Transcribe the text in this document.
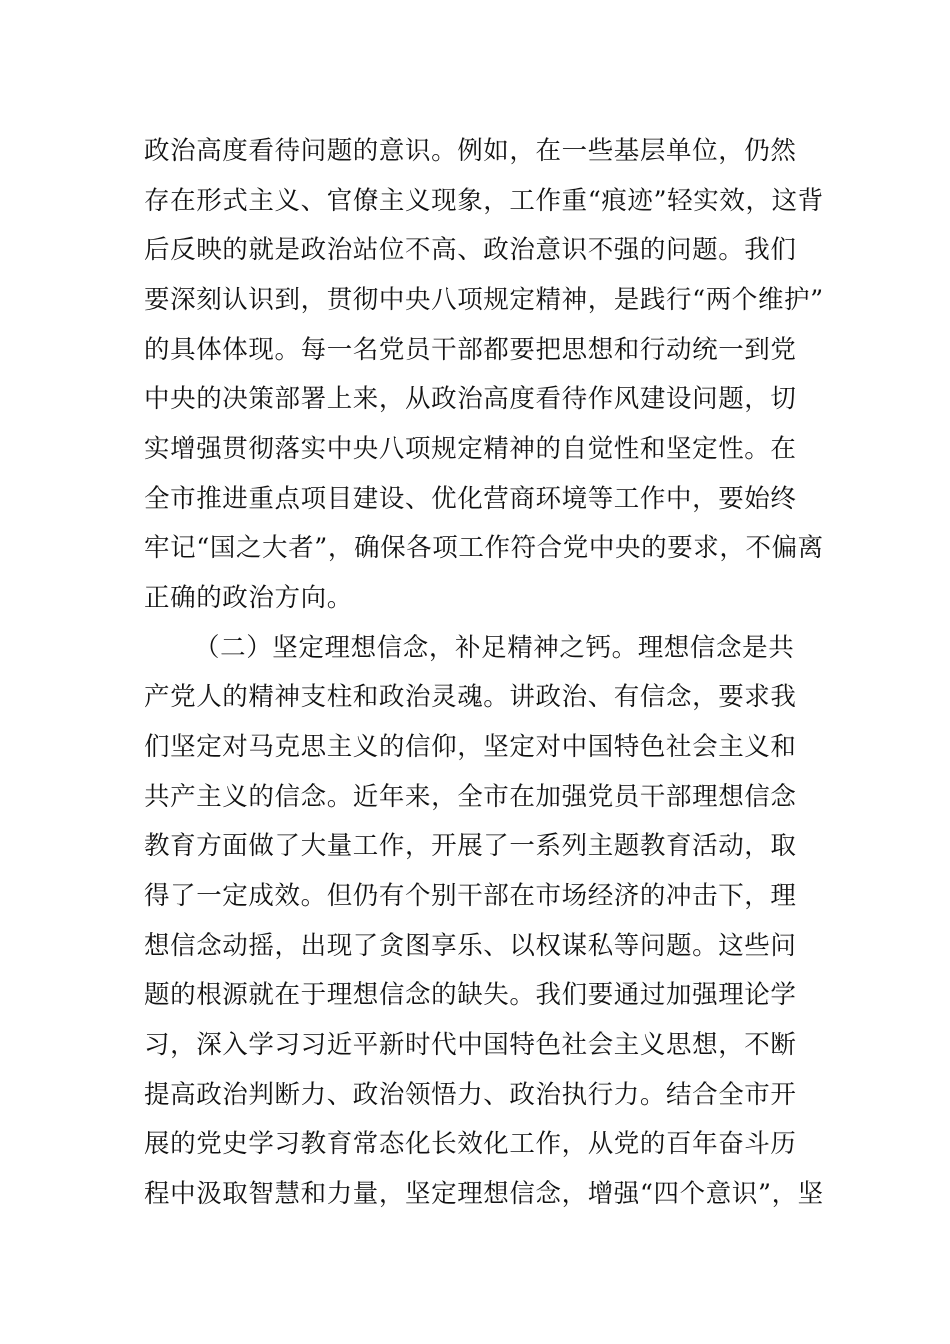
政治高度看待问题的意识。例如，在一些基层单位，仍然
存在形式主义、官僚主义现象，工作重“痕迹”轻实效，这背
后反映的就是政治站位不高、政治意识不强的问题。我们
要深刻认识到，贯彻中央八项规定精神，是践行“两个维护”
的具体体现。每一名党员干部都要把思想和行动统一到党
中央的决策部署上来，从政治高度看待作风建设问题，切
实增强贯彻落实中央八项规定精神的自觉性和坚定性。在
全市推进重点项目建设、优化营商环境等工作中，要始终
牢记“国之大者”，确保各项工作符合党中央的要求，不偏离
正确的政治方向。
（二）坚定理想信念，补足精神之钙。理想信念是共
产党人的精神支柱和政治灵魂。讲政治、有信念，要求我
们坚定对马克思主义的信仰，坚定对中国特色社会主义和
共产主义的信念。近年来，全市在加强党员干部理想信念
教育方面做了大量工作，开展了一系列主题教育活动，取
得了一定成效。但仍有个别干部在市场经济的冲击下，理
想信念动摇，出现了贪图享乐、以权谋私等问题。这些问
题的根源就在于理想信念的缺失。我们要通过加强理论学
习，深入学习习近平新时代中国特色社会主义思想，不断
提高政治判断力、政治领悟力、政治执行力。结合全市开
展的党史学习教育常态化长效化工作，从党的百年奋斗历
程中汲取智慧和力量，坚定理想信念，增强“四个意识”，坚
